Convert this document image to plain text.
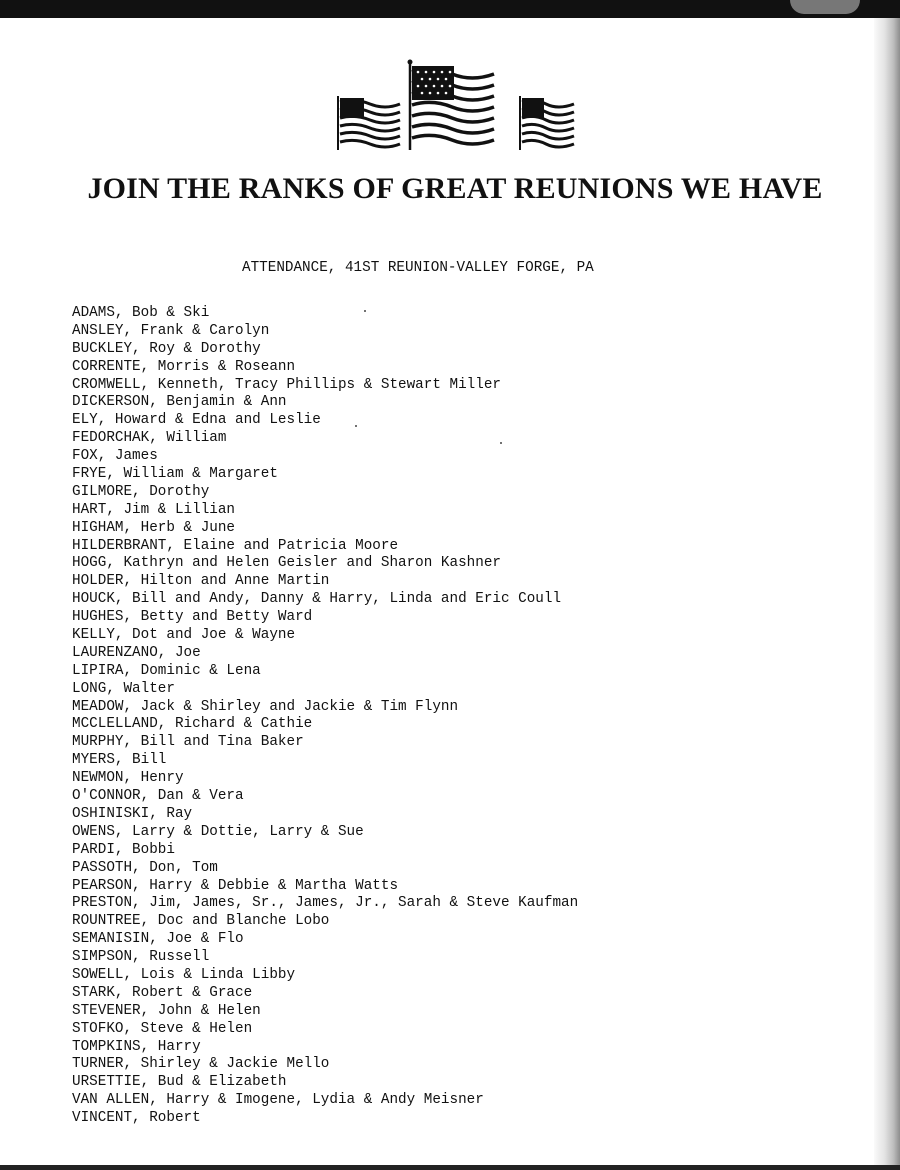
JOIN THE RANKS OF GREAT REUNIONS WE HAVE
ATTENDANCE, 41ST REUNION-VALLEY FORGE, PA
ADAMS, Bob & Ski
ANSLEY, Frank & Carolyn
BUCKLEY, Roy & Dorothy
CORRENTE, Morris & Roseann
CROMWELL, Kenneth, Tracy Phillips & Stewart Miller
DICKERSON, Benjamin & Ann
ELY, Howard & Edna and Leslie
FEDORCHAK, William
FOX, James
FRYE, William & Margaret
GILMORE, Dorothy
HART, Jim & Lillian
HIGHAM, Herb & June
HILDERBRANT, Elaine and Patricia Moore
HOGG, Kathryn and Helen Geisler and Sharon Kashner
HOLDER, Hilton and Anne Martin
HOUCK, Bill and Andy, Danny & Harry, Linda and Eric Coull
HUGHES, Betty and Betty Ward
KELLY, Dot and Joe & Wayne
LAURENZANO, Joe
LIPIRA, Dominic & Lena
LONG, Walter
MEADOW, Jack & Shirley and Jackie & Tim Flynn
MCCLELLAND, Richard & Cathie
MURPHY, Bill and Tina Baker
MYERS, Bill
NEWMON, Henry
O'CONNOR, Dan & Vera
OSHINISKI, Ray
OWENS, Larry & Dottie, Larry & Sue
PARDI, Bobbi
PASSOTH, Don, Tom
PEARSON, Harry & Debbie & Martha Watts
PRESTON, Jim, James, Sr., James, Jr., Sarah & Steve Kaufman
ROUNTREE, Doc and Blanche Lobo
SEMANISIN, Joe & Flo
SIMPSON, Russell
SOWELL, Lois & Linda Libby
STARK, Robert & Grace
STEVENER, John & Helen
STOFKO, Steve & Helen
TOMPKINS, Harry
TURNER, Shirley & Jackie Mello
URSETTIE, Bud & Elizabeth
VAN ALLEN, Harry & Imogene, Lydia & Andy Meisner
VINCENT, Robert
